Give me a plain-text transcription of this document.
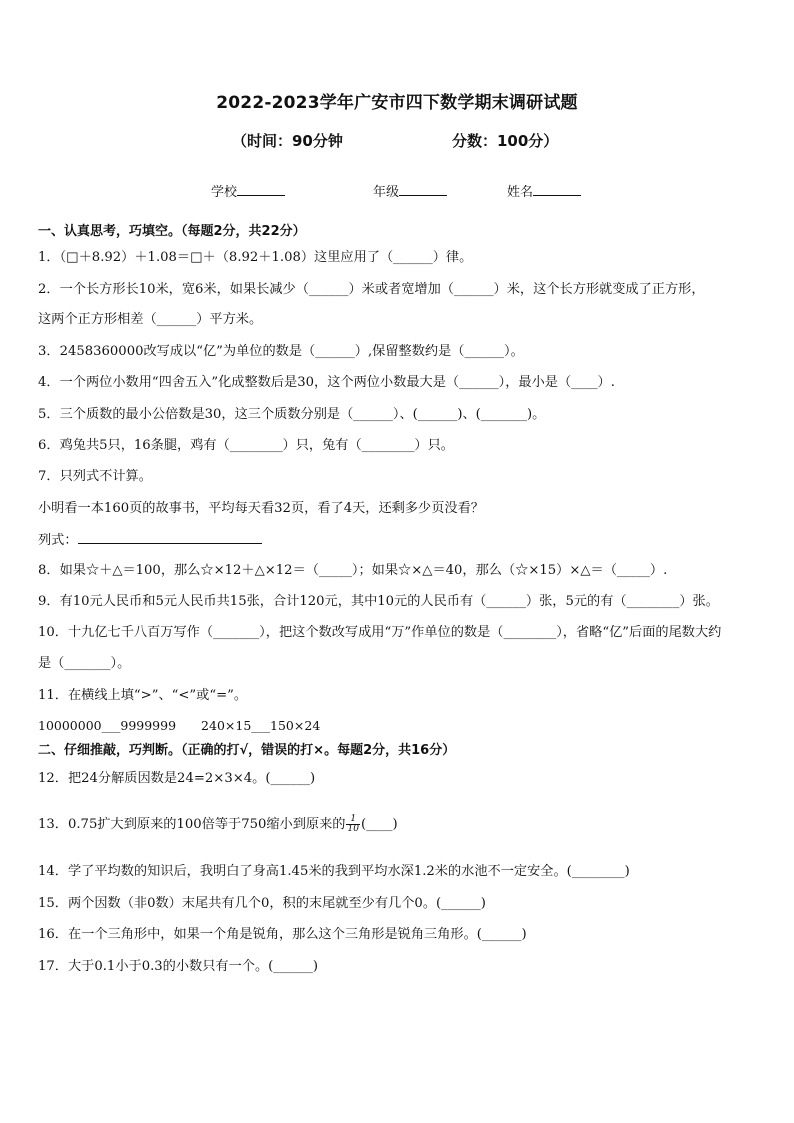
2022-2023学年广安市四下数学期末调研试题
（时间：90分钟	分数：100分）
学校	年级	姓名
一、认真思考，巧填空。（每题2分，共22分）
1．（□＋8.92）＋1.08＝□＋（8.92＋1.08）这里应用了（______）律。
2．一个长方形长10米，宽6米，如果长减少（______）米或者宽增加（______）米，这个长方形就变成了正方形，
这两个正方形相差（______）平方米。
3．2458360000改写成以“亿”为单位的数是（______）,保留整数约是（______）。
4．一个两位小数用“四舍五入”化成整数后是30，这个两位小数最大是（______），最小是（____）.
5．三个质数的最小公倍数是30，这三个质数分别是（______）、(______)、(_______)。
6．鸡兔共5只，16条腿，鸡有（________）只，兔有（________）只。
7．只列式不计算。
小明看一本160页的故事书，平均每天看32页，看了4天，还剩多少页没看？
列式：
8．如果☆＋△＝100，那么☆×12＋△×12＝（_____）；如果☆×△＝40，那么（☆×15）×△＝（_____）.
9．有10元人民币和5元人民币共15张，合计120元，其中10元的人民币有（______）张，5元的有（________）张。
10．十九亿七千八百万写作（_______），把这个数改写成用“万”作单位的数是（________），省略“亿”后面的尾数大约
是（_______）。
11．在横线上填“>”、“<”或“=”。
10000000___9999999　　240×15___150×24
二、仔细推敲，巧判断。（正确的打√，错误的打×。每题2分，共16分）
12．把24分解质因数是24=2×3×4。(______)
13．0.75扩大到原来的100倍等于750缩小到原来的 $\frac{1}{10}$ (____)
14．学了平均数的知识后，我明白了身高1.45米的我到平均水深1.2米的水池不一定安全。(________)
15．两个因数（非0数）末尾共有几个0，积的末尾就至少有几个0。(______)
16．在一个三角形中，如果一个角是锐角，那么这个三角形是锐角三角形。(______)
17．大于0.1小于0.3的小数只有一个。(______)
